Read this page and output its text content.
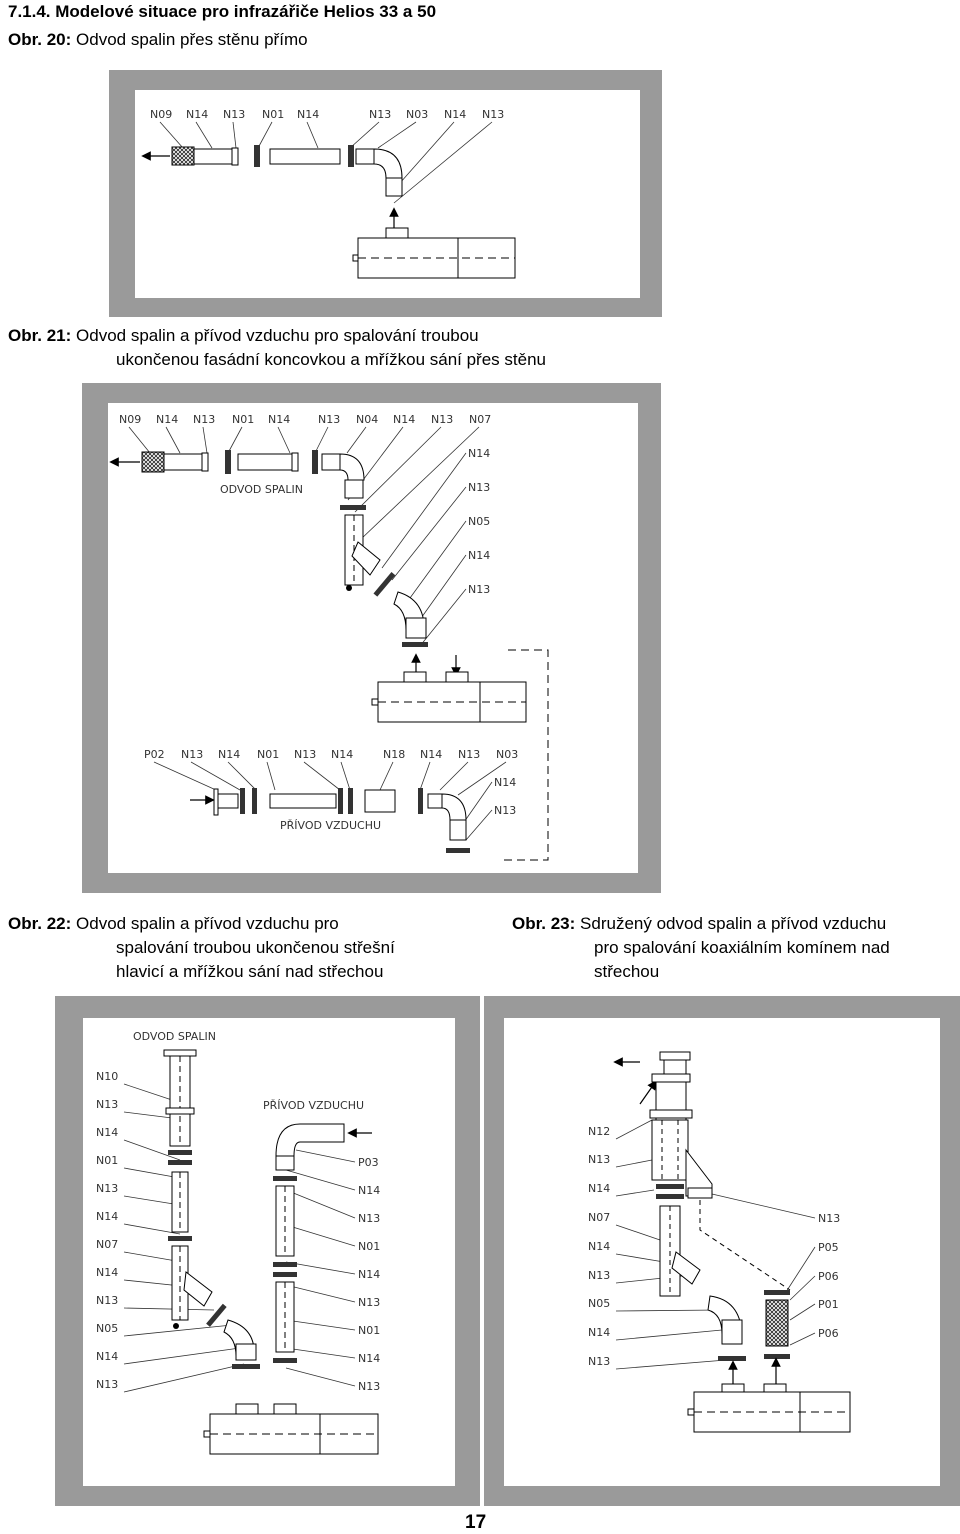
7.1.4. Modelové situace pro infrazářiče Helios 33 a 50
Obr. 20: Odvod spalin přes stěnu přímo
Obr. 21: Odvod spalin a přívod vzduchu pro spalování troubou
ukončenou fasádní koncovkou a mřížkou sání přes stěnu
Obr. 22: Odvod spalin a přívod vzduchu pro
spalování troubou ukončenou střešní
hlavicí a mřížkou sání nad střechou
Obr. 23: Sdružený odvod spalin a přívod vzduchu
pro spalování koaxiálním komínem nad
střechou
N09 N14 N13 N01 N14	N13 N03 N14 N13
N09 N14 N13 N01 N14	N13 N04 N14 N13 N07
N14
N13
N05
N14
N13
ODVOD SPALIN
P02 N13 N14 N01 N13 N14	N18 N14 N13 N03
N14
N13
PŘÍVOD VZDUCHU
ODVOD SPALIN
PŘÍVOD VZDUCHU
N10
N13
N14
N01
N13
N14
N07
N14
N13
N05
N14
N13
P03
N14
N13
N01
N14
N13
N01
N14
N13
N12
N13
N14
N07
N14
N13
N05
N14
N13
N13
P05
P06
P01
P06
17
